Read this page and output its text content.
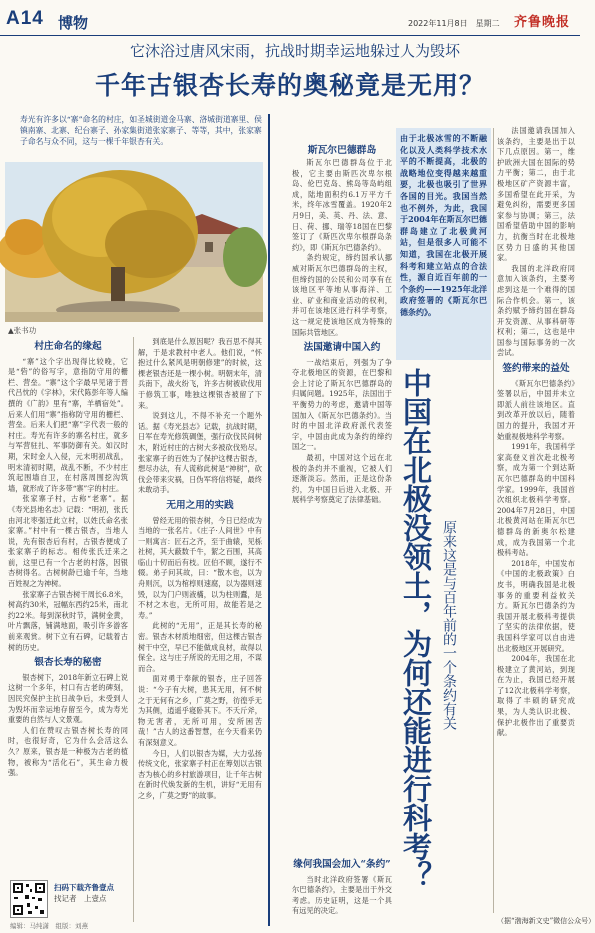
A14 博物	2022年11月8日　星期二 齐鲁晚报
它沐浴过唐风宋雨，抗战时期幸运地躲过人为毁坏
千年古银杏长寿的奥秘竟是无用？
寿光有许多以“寨”命名的村庄，如圣城街道金马寨、洛城街道寨里、侯镇南寨、北寨、纪台寨子、孙家集街道张家寨子、等等，其中，张家寨子命名与众不同，这与一棵千年银杏有关。
▲张书功
村庄命名的缘起

“寨”这个字出现得比较晚，它是“砦”的俗写字，意指防守用的栅栏、营垒。“寨”这个字最早见诸于晋代吕忱的《字林》，宋代陈彭年等人编撰的《广韵》里有“寨，羊栖宿处”。后来人们用“寨”指称防守用的栅栏、营垒。后来人们把“寨”字代表一般的村庄。寿光有许多的寨名村庄，就多与军营驻扎、军事防御有关。如汉时期，宋时金人入侵，元末明初战乱，明末清初时期，战乱不断，不少村庄筑起围墙自卫，在村落周围挖沟筑墙，就形成了许多带“寨”字的村庄。

张家寨子村，古称“老寨”。据《寿光县地名志》记载：“明初，张氏由河北枣强迁此立村，以姓氏命名张家寨。”村中有一棵古银杏，当地人说，先有银杏后有村，古银杏便成了张家寨子的标志。相传张氏迁来之前，这里已有一个古老的村落，因银杏树得名。古树树龄已逾千年，当地百姓视之为神树。

张家寨子古银杏树干周长6.8米，树高约30米，冠幅东西约25米，南北约22米。每到深秋时节，满树金黄，叶片飘落，铺满地面，吸引许多游客前来观赏。树下立有石碑，记载着古树的历史。

银杏长寿的秘密

银杏树下，2018年新立石碑上说这树一个多年，村口有古老的碑刻，因民究保护主抗日战争后，未受到人为毁坏而幸运地存留至今，成为寿光重要的自然与人文景观。

人们在赞叹古银杏树长寿的同时，也很好奇，它为什么会活这么久？原来，银杏是一种极为古老的植物，被称为“活化石”，其生命力极强。

到底是什么原因呢？我百思不得其解，于是求教村中老人。他们说，“怀抱过什么紧风是明朝修建”的时候，这棵老银杏还是一棵小树。明朝末年，清兵南下，战火纷飞，许多古树被砍伐用于修筑工事，唯独这棵银杏被留了下来。

说到这儿，不得不补充一个题外话。据《寿光县志》记载，抗战时期，日军在寿光修筑碉堡，强行砍伐民间树木，附近村庄的古树大多被砍伐殆尽。张家寨子的百姓为了保护这棵古银杏，想尽办法，有人谎称此树是“神树”，砍伐会带来灾祸，日伪军将信将疑，最终未敢动手。

无用之用的实践

曾经无用的银杏树，今日已经成为当地的一张名片。《庄子·人间世》中有一则寓言：匠石之齐，至于曲辕，见栎社树，其大蔽数千牛，絜之百围，其高临山十仞而后有枝。匠伯不顾，遂行不辍。弟子问其故，曰：“散木也，以为舟则沉，以为棺椁则速腐，以为器则速毁，以为门户则液樠，以为柱则蠹，是不材之木也，无所可用，故能若是之寿。”

此树的“无用”，正是其长寿的秘密。银杏木材质地细密，但这棵古银杏树干中空，早已不能做成良材，故得以保全。这与庄子所说的无用之用，不谋而合。

面对勇于奉献的银杏，庄子回答说：“今子有大树，患其无用，何不树之于无何有之乡，广莫之野，彷徨乎无为其侧，逍遥乎寝卧其下。不夭斤斧，物无害者，无所可用，安所困苦哉！”古人的这番智慧，在今天看来仍有深刻意义。

今日，人们以银杏为媒，大力弘扬传统文化，张家寨子村正在筹划以古银杏为核心的乡村旅游项目，让千年古树在新时代焕发新的生机，讲好“无用有之乡，广莫之野”的故事。

扫码下载齐鲁壹点
找记者　上壹点
编辑：马纯潇　组版：刘燕
斯瓦尔巴德群岛

斯瓦尔巴德群岛位于北极，它主要由斯匹次卑尔根岛、伦巴克岛、熊岛等岛屿组成，陆地面积约6.1万平方千米，终年冰雪覆盖。1920年2月9日，美、英、丹、法、意、日、荷、挪、瑞等18国在巴黎签订了《斯匹次卑尔根群岛条约》，即《斯瓦尔巴德条约》。

条约规定，缔约国承认挪威对斯瓦尔巴德群岛的主权，但缔约国的公民和公司享有在该地区平等地从事海洋、工业、矿业和商业活动的权利，并可在该地区进行科学考察，这一规定使该地区成为特殊的国际共管地区。

法国邀请中国入约

一战结束后，列强为了争夺北极地区的资源，在巴黎和会上讨论了斯瓦尔巴德群岛的归属问题。1925年，法国出于平衡势力的考虑，邀请中国等国加入《斯瓦尔巴德条约》。当时的中国北洋政府派代表签字，中国由此成为条约的缔约国之一。

最初，中国对这个远在北极的条约并不重视，它被人们逐渐淡忘。然而，正是这份条约，为中国日后进入北极、开展科学考察奠定了法律基础。

缘何我国会加入“条约”

当时北洋政府签署《斯瓦尔巴德条约》，主要是出于外交考虑。历史证明，这是一个具有远见的决定。

由于北极冰雪的不断融化以及人类科学技术水平的不断提高，北极的战略地位变得越来越重要，北极也吸引了世界各国的目光。我国当然也不例外，为此，我国于2004年在斯瓦尔巴德群岛建立了北极黄河站，但是很多人可能不知道，我国在北极开展科考和建立站点的合法性，源自近百年前的一个条约——1925年北洋政府签署的《斯瓦尔巴德条约》。
中国在北极没领土，为何还能进行科考？ 原来这是与百年前的一个条约有关

法国邀请我国加入该条约，主要是出于以下几点原因。第一，维护欧洲大国在国际的势力平衡；第二，由于北极地区矿产资源丰富，多国希望在此开采，为避免纠纷，需要更多国家参与协调；第三，法国希望借助中国的影响力，抗衡当时在北极地区势力日盛的其他国家。

我国的北洋政府同意加入该条约，主要考虑到这是一个难得的国际合作机会。第一，该条约赋予缔约国在群岛开发资源、从事科研等权利；第二，这也是中国参与国际事务的一次尝试。

签约带来的益处

《斯瓦尔巴德条约》签署以后，中国并未立即派人前往该地区。直到改革开放以后，随着国力的提升，我国才开始重视极地科学考察。

1991年，我国科学家高登义首次赴北极考察，成为第一个到达斯瓦尔巴德群岛的中国科学家。1999年，我国首次组织北极科学考察。2004年7月28日，中国北极黄河站在斯瓦尔巴德群岛的新奥尔松建成，成为我国第一个北极科考站。

2018年，中国发布《中国的北极政策》白皮书，明确我国是北极事务的重要利益攸关方。斯瓦尔巴德条约为我国开展北极科考提供了坚实的法律依据，使我国科学家可以自由进出北极地区开展研究。

2004年，我国在北极建立了黄河站，到现在为止，我国已经开展了12次北极科学考察，取得了丰硕的研究成果，为人类认识北极、保护北极作出了重要贡献。

（据“渤海新文史”微信公众号）
